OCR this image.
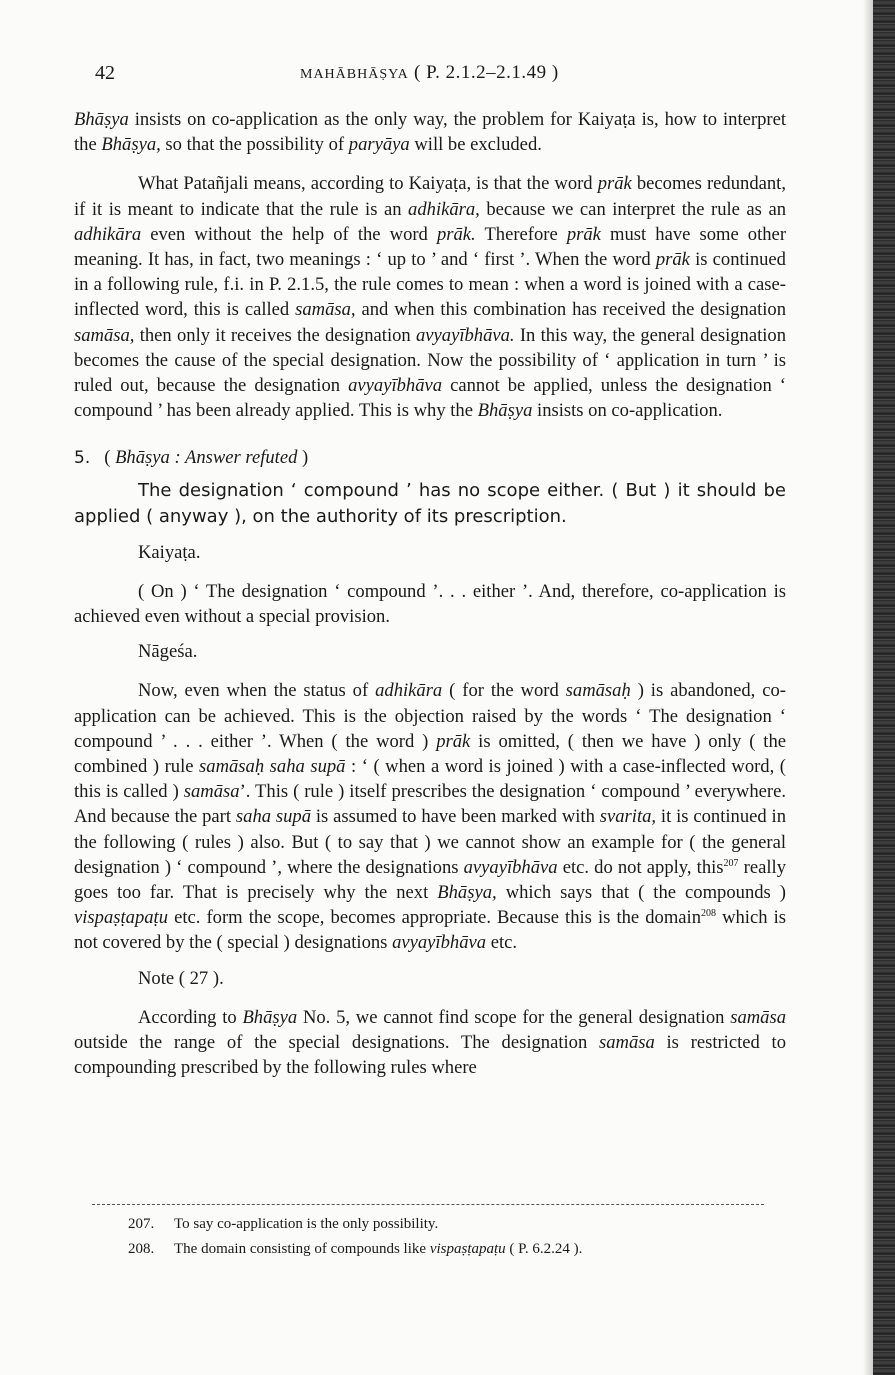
42	MAHĀBHĀṢYA ( P. 2.1.2–2.1.49 )

Bhāṣya insists on co-application as the only way, the problem for Kaiyaṭa is, how to interpret the Bhāṣya, so that the possibility of paryāya will be excluded.

What Patañjali means, according to Kaiyaṭa, is that the word prāk becomes redundant, if it is meant to indicate that the rule is an adhikāra, because we can interpret the rule as an adhikāra even without the help of the word prāk. Therefore prāk must have some other meaning. It has, in fact, two meanings : ‘ up to ’ and ‘ first ’. When the word prāk is continued in a following rule, f.i. in P. 2.1.5, the rule comes to mean : when a word is joined with a case-inflected word, this is called samāsa, and when this combination has received the designation samāsa, then only it receives the designation avyayībhāva. In this way, the general designation becomes the cause of the special designation. Now the possibility of ‘ application in turn ’ is ruled out, because the designation avyayībhāva cannot be applied, unless the designation ‘ compound ’ has been already applied. This is why the Bhāṣya insists on co-application.

5. ( Bhāṣya : Answer refuted )

The designation ‘ compound ’ has no scope either. ( But ) it should be applied ( anyway ), on the authority of its prescription.

Kaiyaṭa.

( On ) ‘ The designation ‘ compound ’. . . either ’. And, therefore, co-application is achieved even without a special provision.

Nāgeśa.

Now, even when the status of adhikāra ( for the word samāsaḥ ) is abandoned, co-application can be achieved. This is the objection raised by the words ‘ The designation ‘ compound ’ . . . either ’. When ( the word ) prāk is omitted, ( then we have ) only ( the combined ) rule samāsaḥ saha supā : ‘ ( when a word is joined ) with a case-inflected word, ( this is called ) samāsa’. This ( rule ) itself prescribes the designation ‘ compound ’ everywhere. And because the part saha supā is assumed to have been marked with svarita, it is continued in the following ( rules ) also. But ( to say that ) we cannot show an example for ( the general designation ) ‘ compound ’, where the designations avyayībhāva etc. do not apply, this$^{207}$ really goes too far. That is precisely why the next Bhāṣya, which says that ( the compounds ) vispaṣṭapaṭu etc. form the scope, becomes appropriate. Because this is the domain$^{208}$ which is not covered by the ( special ) designations avyayībhāva etc.

Note ( 27 ).

According to Bhāṣya No. 5, we cannot find scope for the general designation samāsa outside the range of the special designations. The designation samāsa is restricted to compounding prescribed by the following rules where

207. To say co-application is the only possibility.
208. The domain consisting of compounds like vispaṣṭapaṭu ( P. 6.2.24 ).
